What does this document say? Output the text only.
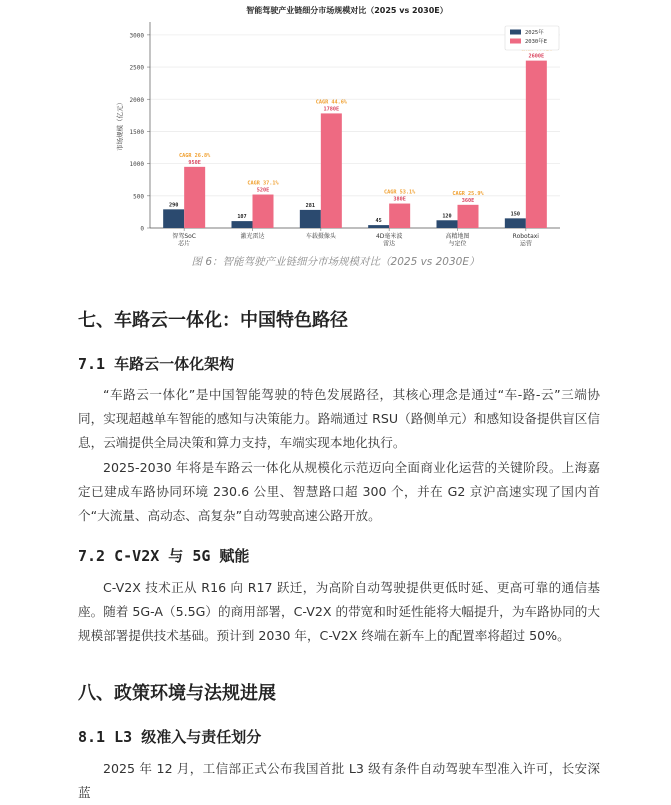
智能驾驶产业链细分市场规模对比（2025 vs 2030E）
0
500
1000
1500
2000
2500
3000
市场规模（亿元）
290
950E
CAGR 26.8%
智驾SoC
芯片
107
520E
CAGR 37.1%
激光雷达
281
1780E
CAGR 44.6%
车载摄像头
45
380E
CAGR 53.1%
4D毫米波
雷达
120
360E
CAGR 25.9%
高精地图
与定位
150
2600E
Robotaxi
运营
2025年
2030年E
图 6：智能驾驶产业链细分市场规模对比（2025 vs 2030E）
七、车路云一体化：中国特色路径
7.1 车路云一体化架构

“车路云一体化”是中国智能驾驶的特色发展路径，其核心理念是通过“车-路-云”三端协同，实现超越单车智能的感知与决策能力。路端通过 RSU（路侧单元）和感知设备提供盲区信息，云端提供全局决策和算力支持，车端实现本地化执行。

2025-2030 年将是车路云一体化从规模化示范迈向全面商业化运营的关键阶段。上海嘉定已建成车路协同环境 230.6 公里、智慧路口超 300 个，并在 G2 京沪高速实现了国内首个“大流量、高动态、高复杂”自动驾驶高速公路开放。

7.2 C-V2X 与 5G 赋能

C-V2X 技术正从 R16 向 R17 跃迁，为高阶自动驾驶提供更低时延、更高可靠的通信基座。随着 5G-A（5.5G）的商用部署，C-V2X 的带宽和时延性能将大幅提升，为车路协同的大规模部署提供技术基础。预计到 2030 年，C-V2X 终端在新车上的配置率将超过 50%。

八、政策环境与法规进展
8.1 L3 级准入与责任划分

2025 年 12 月，工信部正式公布我国首批 L3 级有条件自动驾驶车型准入许可，长安深蓝
